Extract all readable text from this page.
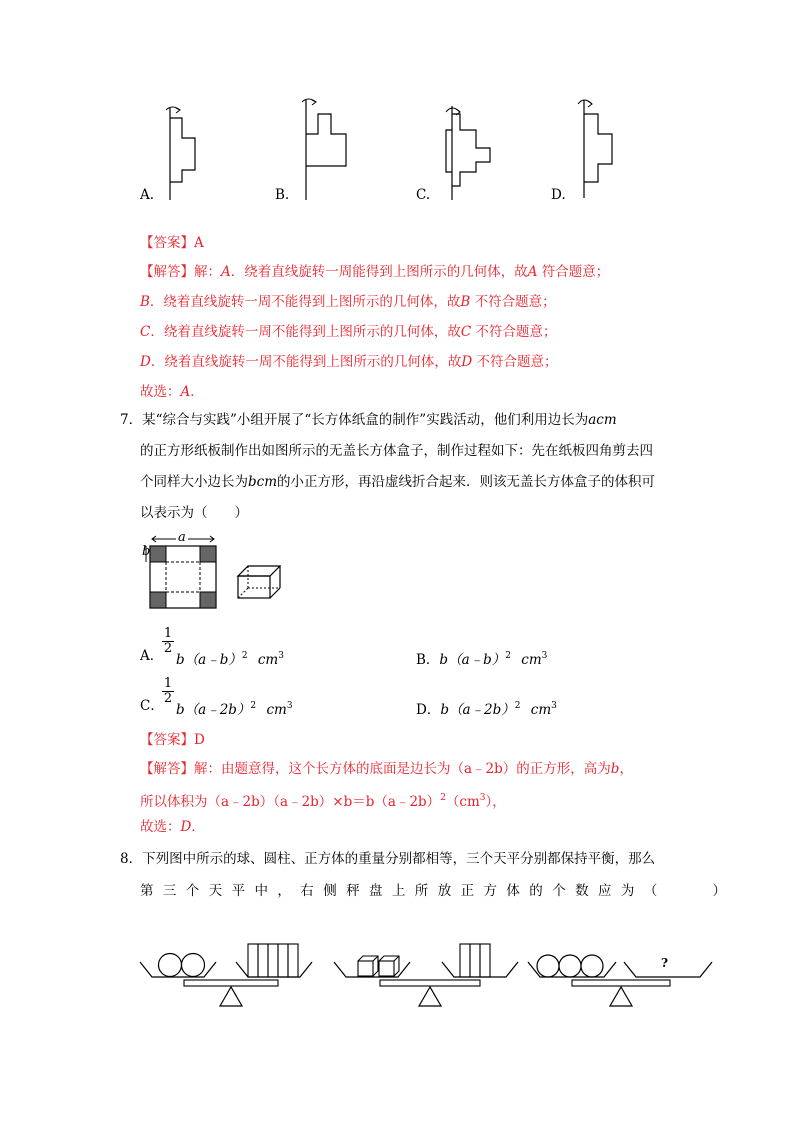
A.	B.	C.	D.
【答案】A
【解答】解：A．绕着直线旋转一周能得到上图所示的几何体，故A 符合题意；
B．绕着直线旋转一周不能得到上图所示的几何体，故B 不符合题意；
C．绕着直线旋转一周不能得到上图所示的几何体，故C 不符合题意；
D．绕着直线旋转一周不能得到上图所示的几何体，故D 不符合题意；
故选：A．
7．某“综合与实践”小组开展了“长方体纸盒的制作”实践活动，他们利用边长为acm
的正方形纸板制作出如图所示的无盖长方体盒子，制作过程如下：先在纸板四角剪去四
个同样大小边长为bcm的小正方形，再沿虚线折合起来．则该无盖长方体盒子的体积可
以表示为（　　）
a
b
A．
$\frac{1}{2}$
b（a﹣b）$^2$ $cm^3$	B．b（a﹣b）$^2$ $cm^3$
C．
$\frac{1}{2}$
b（a﹣2b）$^2$ $cm^3$	D．b（a﹣2b）$^2$ $cm^3$
【答案】D
【解答】解：由题意得，这个长方体的底面是边长为（a﹣2b）的正方形，高为b，
所以体积为$(a﹣2b)(a﹣2b)\times b=b(a﹣2b)^2(cm^3)$，
故选：D．
8．下列图中所示的球、圆柱、正方体的重量分别都相等，三个天平分别都保持平衡，那么
第三个天平中，右侧秤盘上所放正方体的个数应为（　　）
?
